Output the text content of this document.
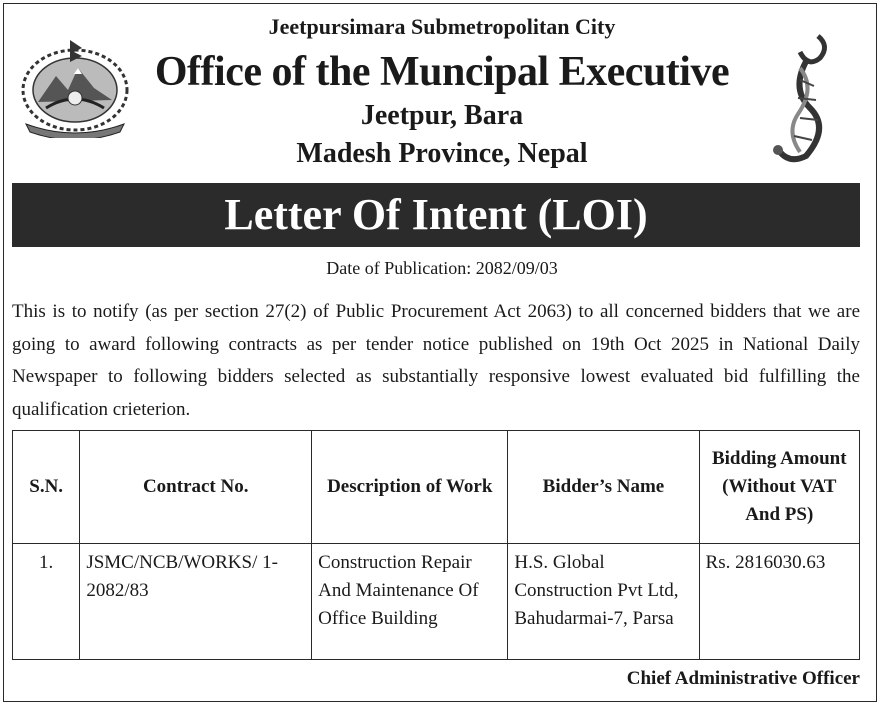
Jeetpursimara Submetropolitan City
Office of the Muncipal Executive
Jeetpur, Bara
Madesh Province, Nepal
Letter Of Intent (LOI)
Date of Publication: 2082/09/03
This is to notify (as per section 27(2) of Public Procurement Act 2063) to all concerned bidders that we are going to award following contracts as per tender notice published on 19th Oct 2025 in National Daily Newspaper to following bidders selected as substantially responsive lowest evaluated bid fulfilling the qualification crieterion.
S.N.	Contract No.	Description of Work	Bidder’s Name	Bidding Amount (Without VAT And PS)
1.	JSMC/NCB/WORKS/ 1-2082/83	Construction Repair And Maintenance Of Office Building	H.S. Global Construction Pvt Ltd, Bahudarmai-7, Parsa	Rs. 2816030.63
Chief Administrative Officer
